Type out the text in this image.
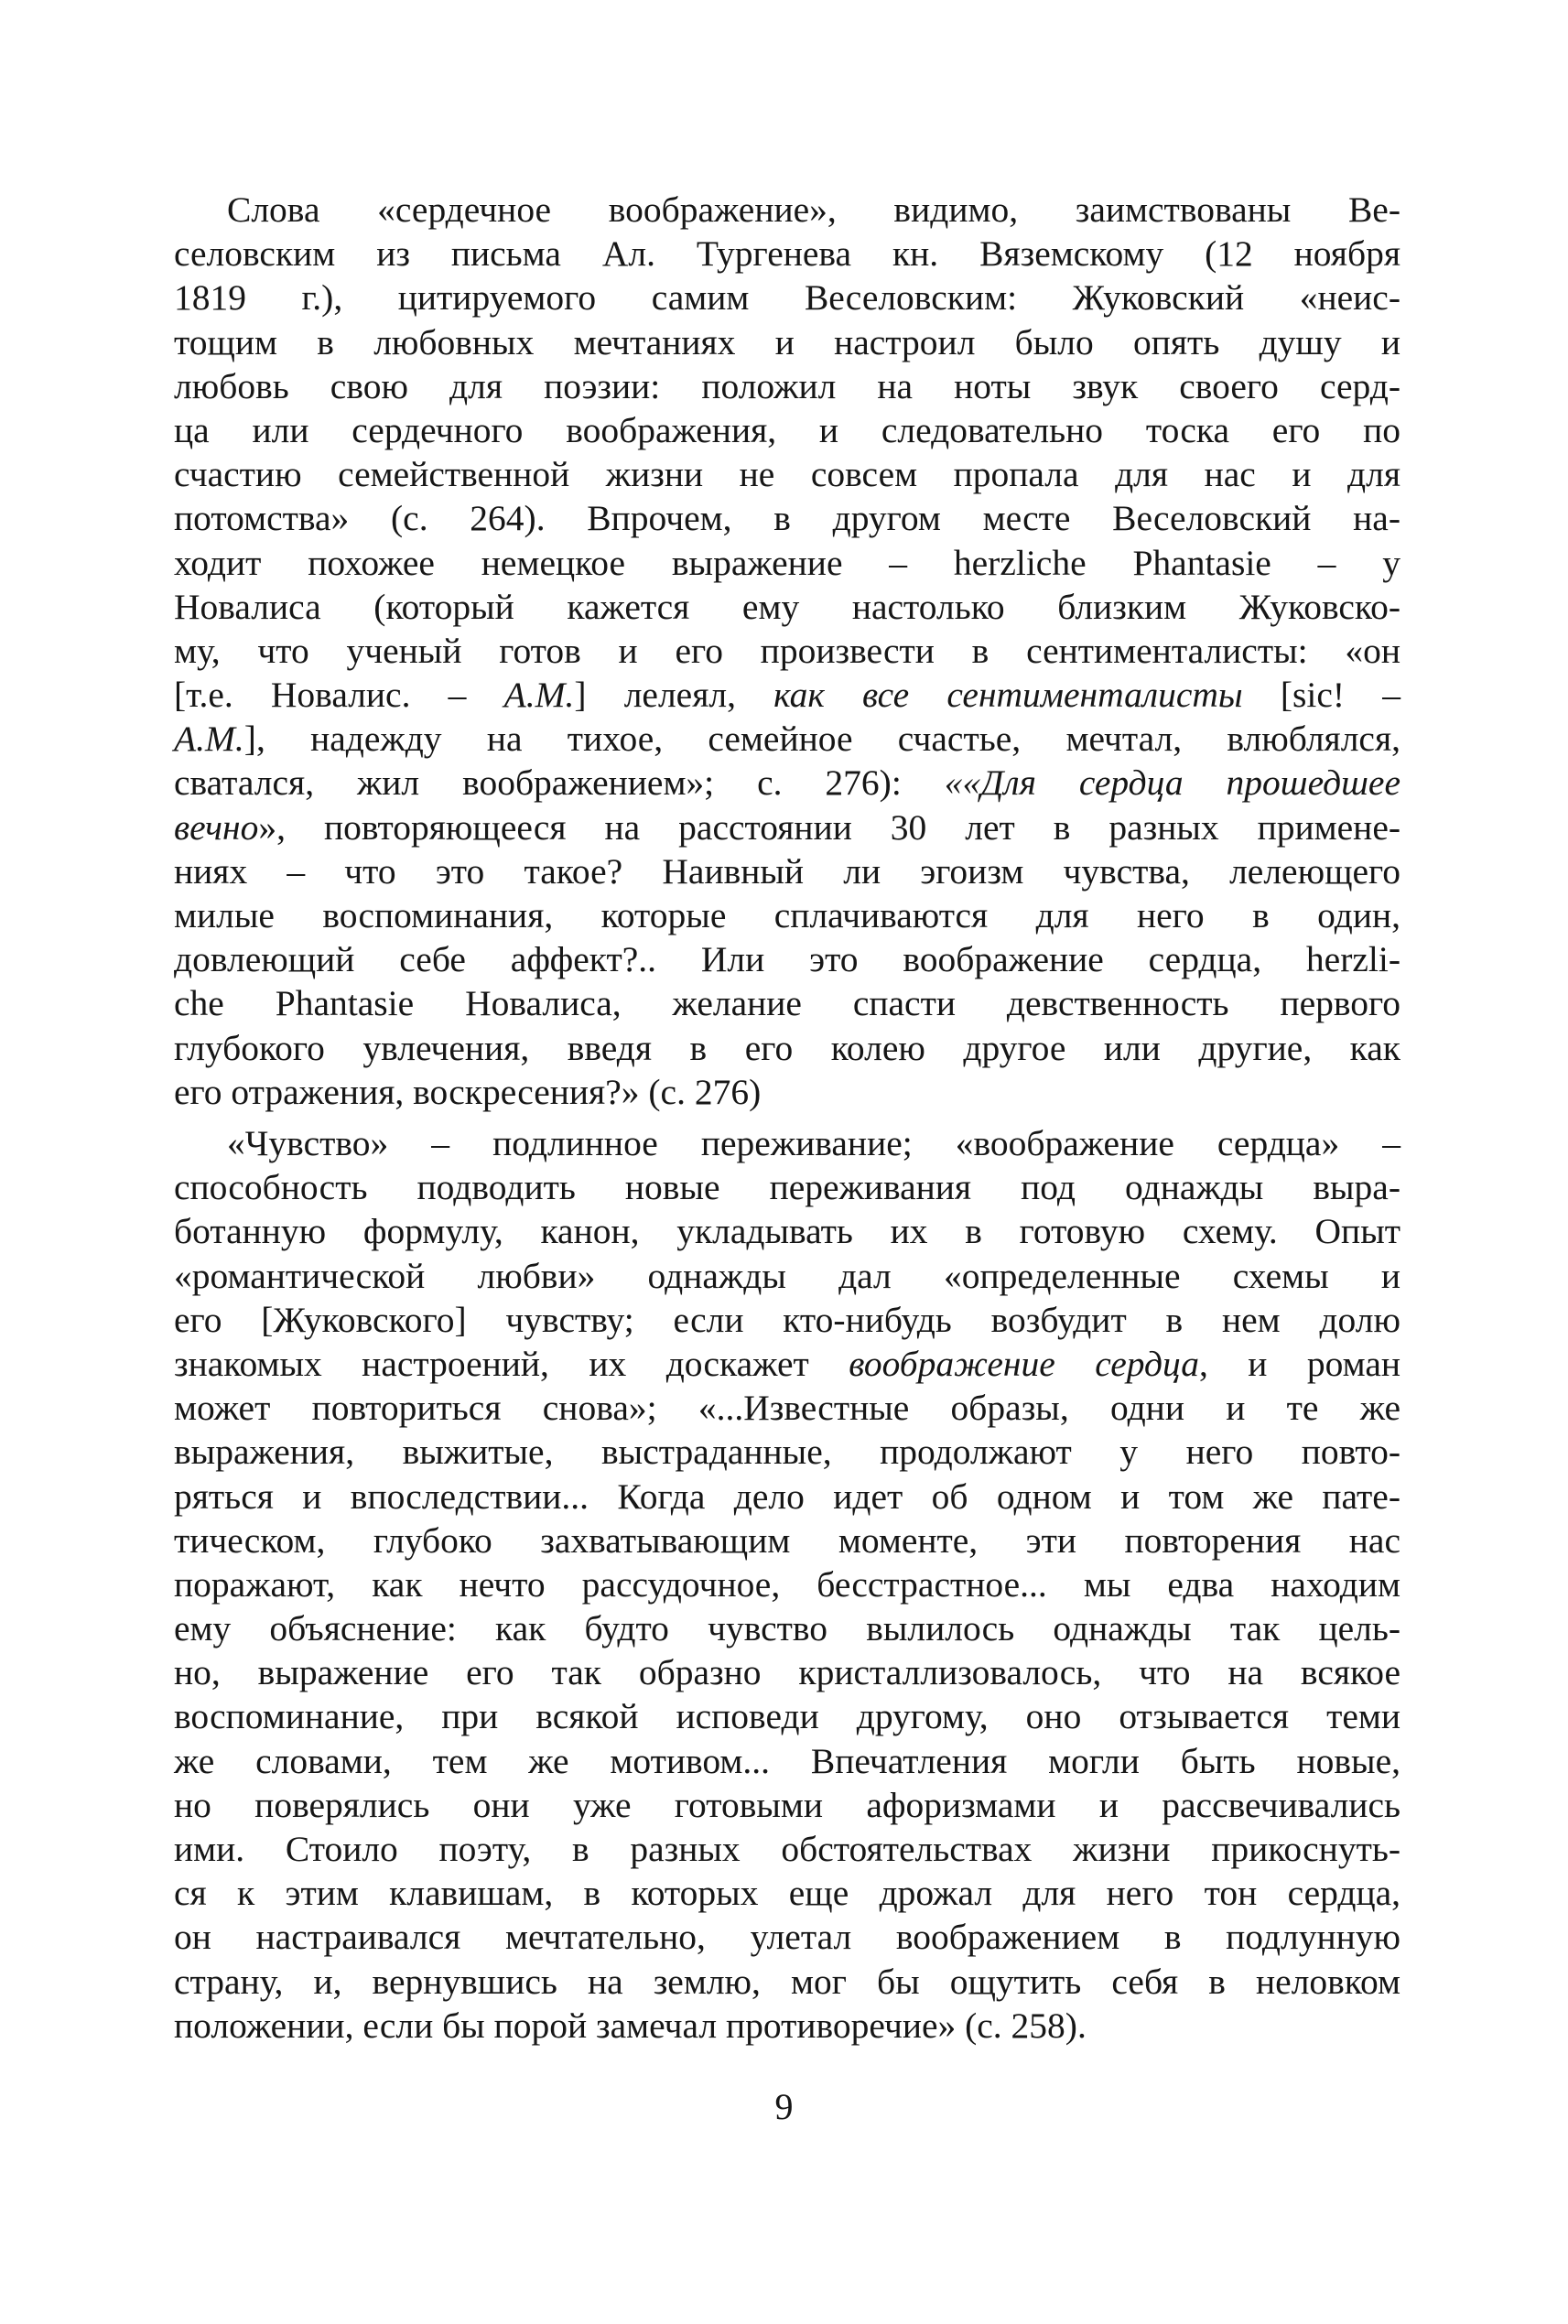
Слова «сердечное воображение», видимо, заимствованы Ве-
селовским из письма Ал. Тургенева кн. Вяземскому (12 ноября
1819 г.), цитируемого самим Веселовским: Жуковский «неис-
тощим в любовных мечтаниях и настроил было опять душу и
любовь свою для поэзии: положил на ноты звук своего серд-
ца или сердечного воображения, и следовательно тоска его по
счастию семейственной жизни не совсем пропала для нас и для
потомства» (с. 264). Впрочем, в другом месте Веселовский на-
ходит похожее немецкое выражение – herzliche Phantasie – у
Новалиса (который кажется ему настолько близким Жуковско-
му, что ученый готов и его произвести в сентименталисты: «он
[т.е. Новалис. – А.М.] лелеял, как все сентименталисты [sic! –
А.М.], надежду на тихое, семейное счастье, мечтал, влюблялся,
сватался, жил воображением»; с. 276): ««Для сердца прошедшее
вечно», повторяющееся на расстоянии 30 лет в разных примене-
ниях – что это такое? Наивный ли эгоизм чувства, лелеющего
милые воспоминания, которые сплачиваются для него в один,
довлеющий себе аффект?.. Или это воображение сердца, herzli-
che Phantasie Новалиса, желание спасти девственность первого
глубокого увлечения, введя в его колею другое или другие, как
его отражения, воскресения?» (с. 276)
«Чувство» – подлинное переживание; «воображение сердца» –
способность подводить новые переживания под однажды выра-
ботанную формулу, канон, укладывать их в готовую схему. Опыт
«романтической любви» однажды дал «определенные схемы и
его [Жуковского] чувству; если кто-нибудь возбудит в нем долю
знакомых настроений, их доскажет воображение сердца, и роман
может повториться снова»; «...Известные образы, одни и те же
выражения, выжитые, выстраданные, продолжают у него повто-
ряться и впоследствии... Когда дело идет об одном и том же пате-
тическом, глубоко захватывающим моменте, эти повторения нас
поражают, как нечто рассудочное, бесстрастное... мы едва находим
ему объяснение: как будто чувство вылилось однажды так цель-
но, выражение его так образно кристаллизовалось, что на всякое
воспоминание, при всякой исповеди другому, оно отзывается теми
же словами, тем же мотивом... Впечатления могли быть новые,
но поверялись они уже готовыми афоризмами и рассвечивались
ими. Стоило поэту, в разных обстоятельствах жизни прикоснуть-
ся к этим клавишам, в которых еще дрожал для него тон сердца,
он настраивался мечтательно, улетал воображением в подлунную
страну, и, вернувшись на землю, мог бы ощутить себя в неловком
положении, если бы порой замечал противоречие» (с. 258).
9
